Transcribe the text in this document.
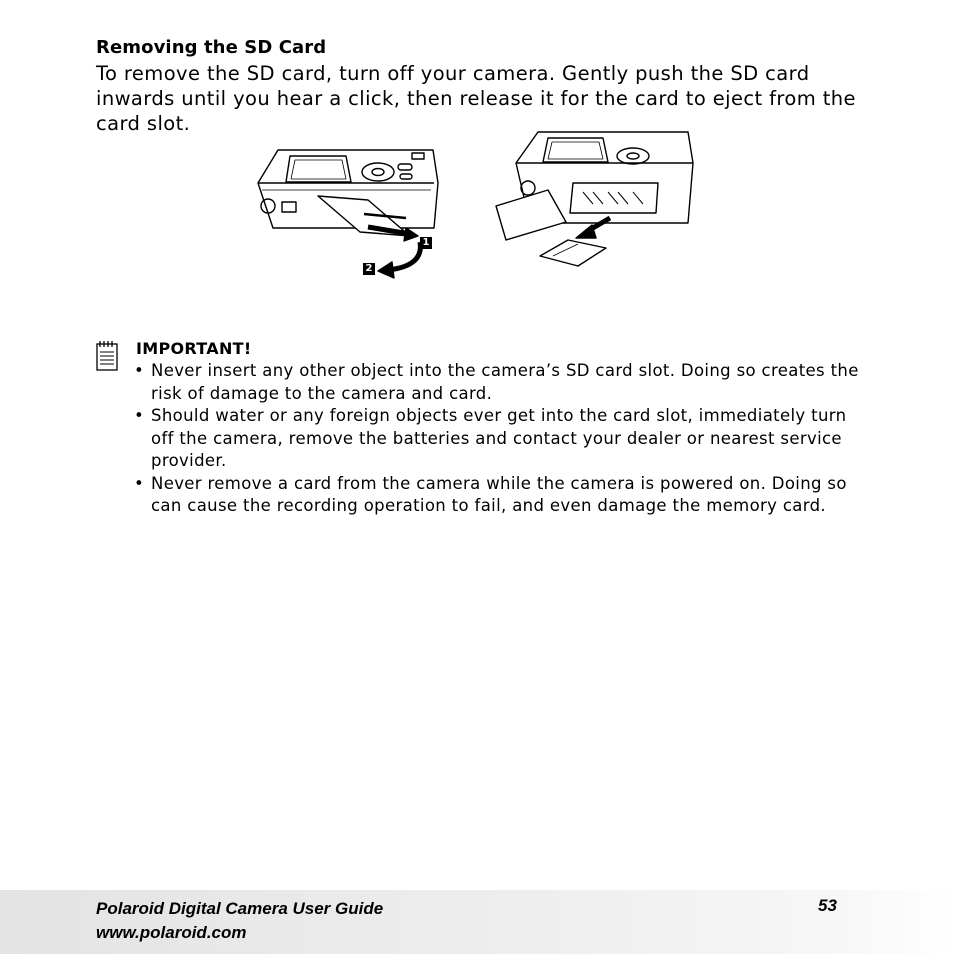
Removing the SD Card
To remove the SD card, turn off your camera. Gently push the SD card inwards until you hear a click, then release it for the card to eject from the card slot.
1
2
IMPORTANT!
• Never insert any other object into the camera’s SD card slot. Doing so creates the risk of damage to the camera and card.
• Should water or any foreign objects ever get into the card slot, immediately turn off the camera, remove the batteries and contact your dealer or nearest service provider.
• Never remove a card from the camera while the camera is powered on. Doing so can cause the recording operation to fail, and even damage the memory card.
Polaroid Digital Camera User Guide
www.polaroid.com
53
